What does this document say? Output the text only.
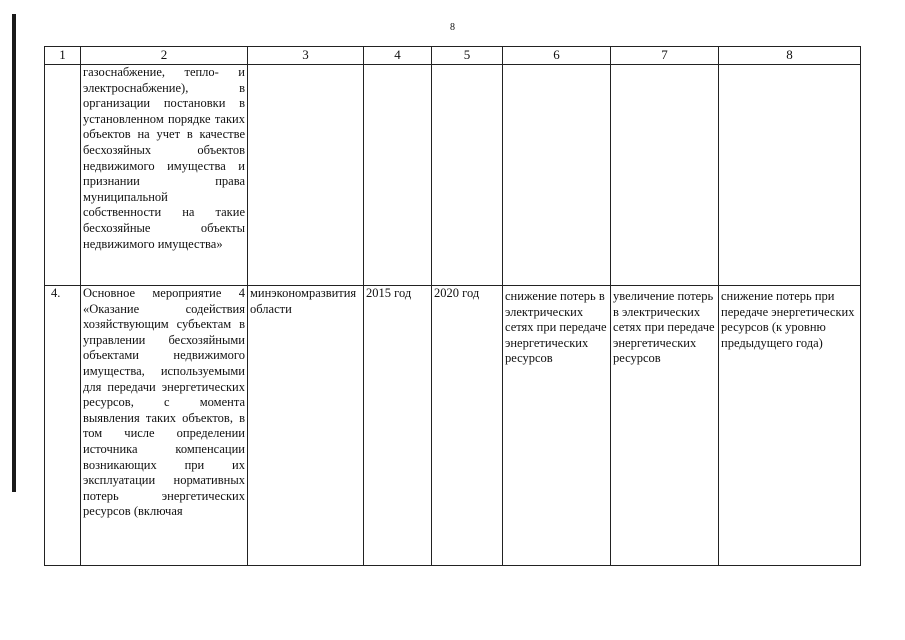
8
1	2	3	4	5	6	7	8
	газоснабжение, тепло- и электроснабжение), в организации постановки в установленном порядке таких объектов на учет в качестве бесхозяйных объектов недвижимого имущества и признании права муниципальной собственности на такие бесхозяйные объекты недвижимого имущества»						
4.	Основное мероприятие 4 «Оказание содействия хозяйствующим субъектам в управлении бесхозяйными объектами недвижимого имущества, используемыми для передачи энергетических ресурсов, с момента выявления таких объектов, в том числе определении источника компенсации возникающих при их эксплуатации нормативных потерь энергетических ресурсов (включая	минэкономразвития области	2015 год	2020 год	снижение потерь в электрических сетях при передаче энергетических ресурсов	увеличение потерь в электрических сетях при передаче энергетических ресурсов	снижение потерь при передаче энергетических ресурсов (к уровню предыдущего года)
